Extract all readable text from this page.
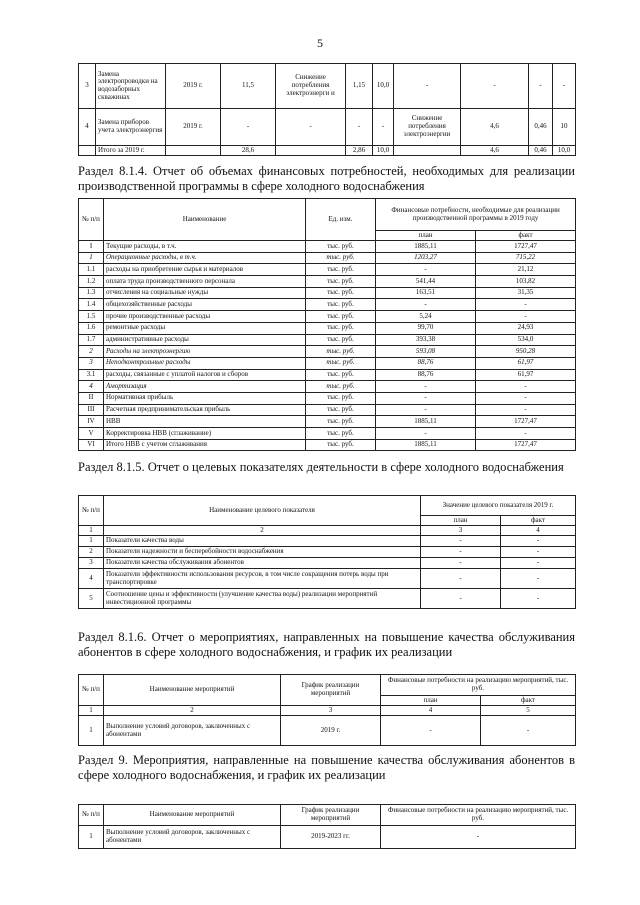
5
3	Замена электропроводки на водозаборных скважинах	2019 г.	11,5	Снижение потребления электроэнерги и	1,15	10,0	-	-	-	-
4	Замена приборов учета электроэнергия	2019 г.	-	-	-	-	Снижение потребления электроэнергии	4,6	0,46	10
	Итого за 2019 г.		28,6		2,86	10,0		4,6	0,46	10,0
Раздел 8.1.4. Отчет об объемах финансовых потребностей, необходимых для реализации производственной программы в сфере холодного водоснабжения
№ п/п	Наименование	Ед. изм.	Финансовые потребности, необходимые для реализации производственной программы в 2019 году	
			план	факт
I	Текущие расходы, в т.ч.	тыс. руб.	1885,11	1727,47
1	Операционные расходы, в т.ч.	тыс. руб.	1203,27	715,22
1.1	расходы на приобретение сырья и материалов	тыс. руб.	-	21,12
1.2	оплата труда производственного персонала	тыс. руб.	541,44	103,82
1.3	отчисления на социальные нужды	тыс. руб.	163,51	31,35
1.4	общехозяйственные расходы	тыс. руб.	-	-
1.5	прочие производственные расходы	тыс. руб.	5,24	-
1.6	ремонтные расходы	тыс. руб.	99,70	24,93
1.7	административные расходы	тыс. руб.	393,38	534,0
2	Расходы на электроэнергию	тыс. руб.	593,08	950,28
3	Неподконтрольные расходы	тыс. руб.	88,76	61,97
3.1	расходы, связанные с уплатой налогов и сборов	тыс. руб.	88,76	61,97
4	Амортизация	тыс. руб.	-	-
II	Нормативная прибыль	тыс. руб.	-	-
III	Расчетная предпринимательская прибыль	тыс. руб.	-	-
IV	НВВ	тыс. руб.	1885,11	1727,47
V	Корректировка НВВ (сглаживание)	тыс. руб.	-	-
VI	Итого НВВ с учетом сглаживания	тыс. руб.	1885,11	1727,47
Раздел 8.1.5. Отчет о целевых показателях деятельности в сфере холодного водоснабжения
№ п/п	Наименование целевого показателя	Значение целевого показателя 2019 г.	
		план	факт
1	2	3	4
1	Показатели качества воды	-	-
2	Показатели надежности и бесперебойности водоснабжения	-	-
3	Показатели качества обслуживания абонентов	-	-
4	Показатели эффективности использования ресурсов, в том числе сокращения потерь воды при транспортировке	-	-
5	Соотношение цены и эффективности (улучшение качества воды) реализации мероприятий инвестиционной программы	-	-
Раздел 8.1.6. Отчет о мероприятиях, направленных на повышение качества обслуживания абонентов в сфере холодного водоснабжения, и график их реализации
№ п/п	Наименование мероприятий	График реализации мероприятий	Финансовые потребности на реализацию мероприятий, тыс. руб.	
			план	факт
1	2	3	4	5
1	Выполнение условий договоров, заключенных с абонентами	2019 г.	-	-
Раздел 9. Мероприятия, направленные на повышение качества обслуживания абонентов в сфере холодного водоснабжения, и график их реализации
№ п/п	Наименование мероприятий	График реализации мероприятий	Финансовые потребности на реализацию мероприятий, тыс. руб.
1	Выполнение условий договоров, заключенных с абонентами	2019-2023 гг.	-
